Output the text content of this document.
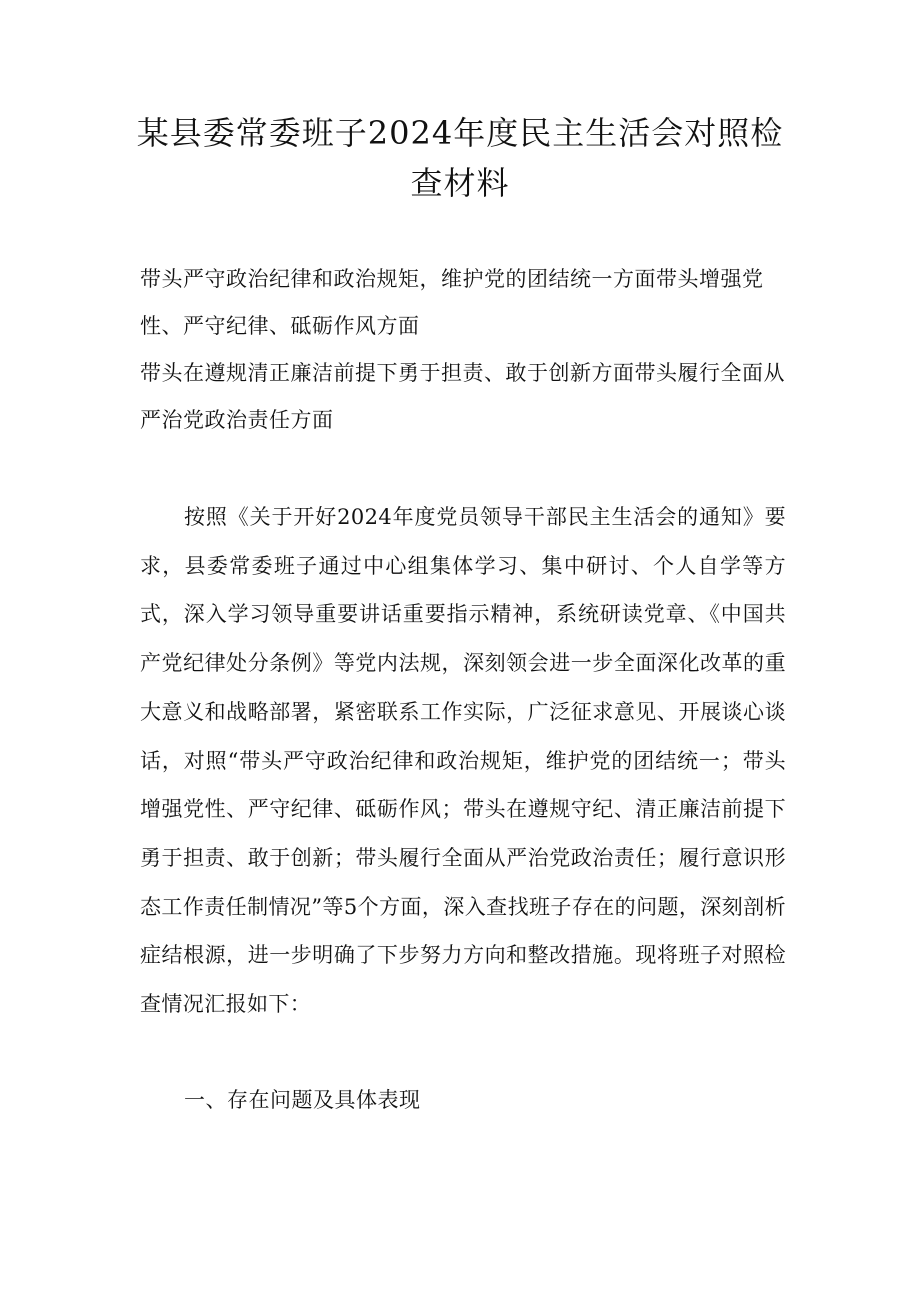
某县委常委班子2024年度民主生活会对照检查材料

带头严守政治纪律和政治规矩，维护党的团结统一方面带头增强党性、严守纪律、砥砺作风方面

带头在遵规清正廉洁前提下勇于担责、敢于创新方面带头履行全面从严治党政治责任方面

按照《关于开好2024年度党员领导干部民主生活会的通知》要求，县委常委班子通过中心组集体学习、集中研讨、个人自学等方式，深入学习领导重要讲话重要指示精神，系统研读党章、《中国共产党纪律处分条例》等党内法规，深刻领会进一步全面深化改革的重大意义和战略部署，紧密联系工作实际，广泛征求意见、开展谈心谈话，对照“带头严守政治纪律和政治规矩，维护党的团结统一；带头增强党性、严守纪律、砥砺作风；带头在遵规守纪、清正廉洁前提下勇于担责、敢于创新；带头履行全面从严治党政治责任；履行意识形态工作责任制情况”等5个方面，深入查找班子存在的问题，深刻剖析症结根源，进一步明确了下步努力方向和整改措施。现将班子对照检查情况汇报如下：

一、存在问题及具体表现
